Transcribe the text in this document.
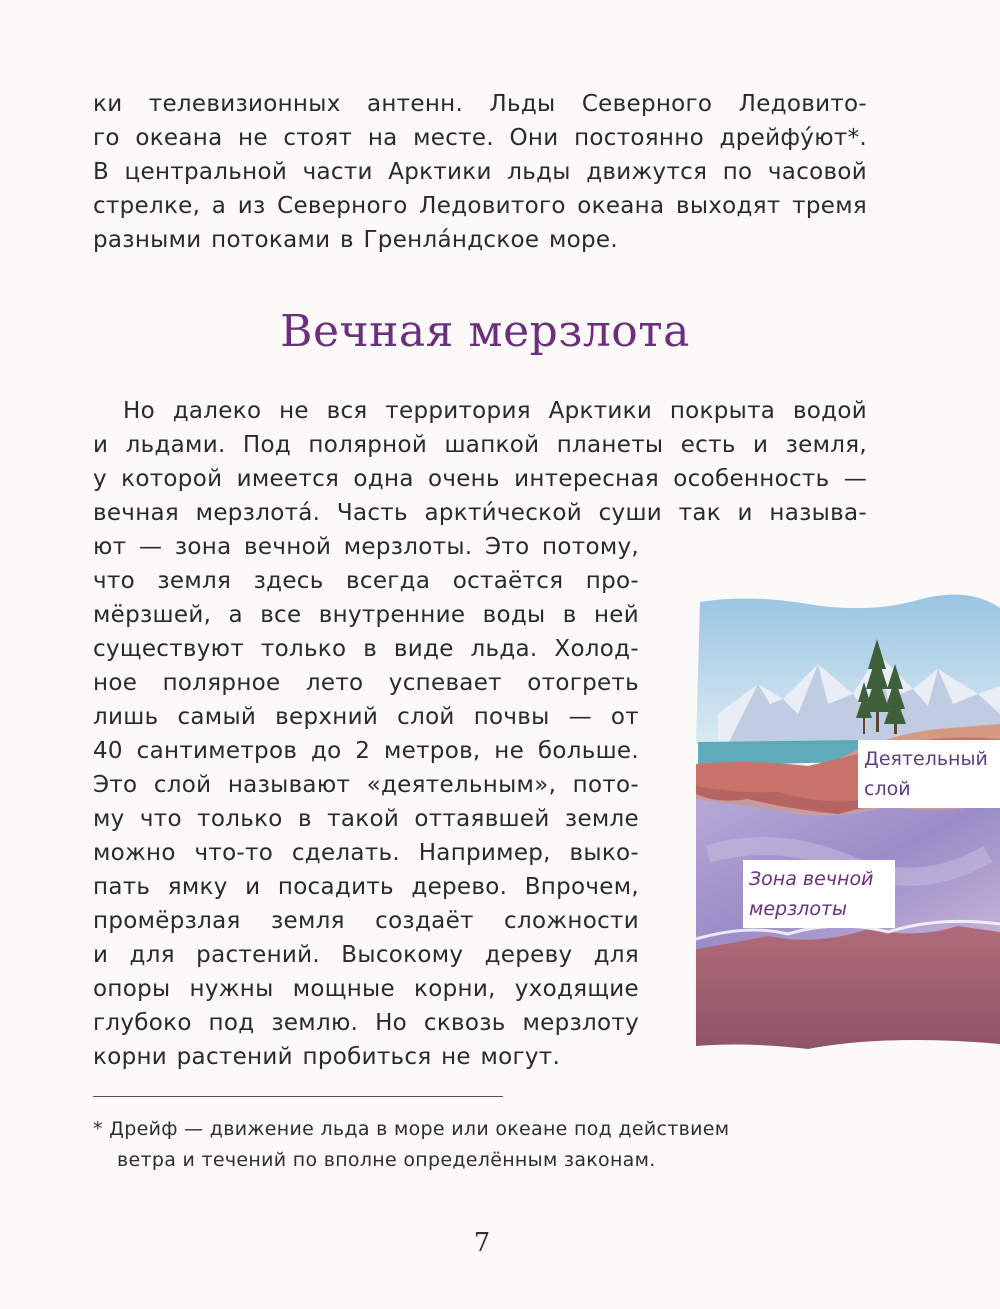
ки телевизионных антенн. Льды Северного Ледовито-
го океана не стоят на месте. Они постоянно дрейфу́ют*.
В центральной части Арктики льды движутся по часовой
стрелке, а из Северного Ледовитого океана выходят тремя
разными потоками в Гренла́ндское море.
Вечная мерзлота
Но далеко не вся территория Арктики покрыта водой
и льдами. Под полярной шапкой планеты есть и земля,
у которой имеется одна очень интересная особенность —
вечная мерзлота́. Часть аркти́ческой суши так и называ-
ют — зона вечной мерзлоты. Это потому,
что земля здесь всегда остаётся про-
мёрзшей, а все внутренние воды в ней
существуют только в виде льда. Холод-
ное полярное лето успевает отогреть
лишь самый верхний слой почвы — от
40 сантиметров до 2 метров, не больше.
Это слой называют «деятельным», пото-
му что только в такой оттаявшей земле
можно что-то сделать. Например, выко-
пать ямку и посадить дерево. Впрочем,
промёрзлая земля создаёт сложности
и для растений. Высокому дереву для
опоры нужны мощные корни, уходящие
глубоко под землю. Но сквозь мерзлоту
корни растений пробиться не могут.
Деятельный
слой
Зона вечной
мерзлоты
* Дрейф — движение льда в море или океане под действием
ветра и течений по вполне определённым законам.
7
